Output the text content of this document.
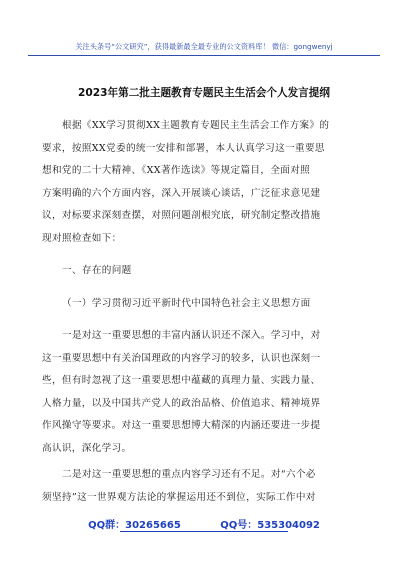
关注头条号“公文研究”，获得最新最全最专业的公文资料库！ 微信：gongwenyj
2023年第二批主题教育专题民主生活会个人发言提纲
根据《XX学习贯彻XX主题教育专题民主生活会工作方案》的
要求，按照XX党委的统一安排和部署，本人认真学习这一重要思
想和党的二十大精神、《XX著作选读》等规定篇目，全面对照
方案明确的六个方面内容，深入开展谈心谈话，广泛征求意见建
议，对标要求深刻查摆，对照问题剖根究底，研究制定整改措施
现对照检查如下：
一、存在的问题
（一）学习贯彻习近平新时代中国特色社会主义思想方面
一是对这一重要思想的丰富内涵认识还不深入。学习中，对
这一重要思想中有关治国理政的内容学习的较多，认识也深刻一
些，但有时忽视了这一重要思想中蕴藏的真理力量、实践力量、
人格力量，以及中国共产党人的政治品格、价值追求、精神境界
作风操守等要求。对这一重要思想博大精深的内涵还要进一步提
高认识，深化学习。
二是对这一重要思想的重点内容学习还有不足。对“六个必
须坚持”这一世界观方法论的掌握运用还不到位，实际工作中对
QQ群：30265665	QQ号：535304092
